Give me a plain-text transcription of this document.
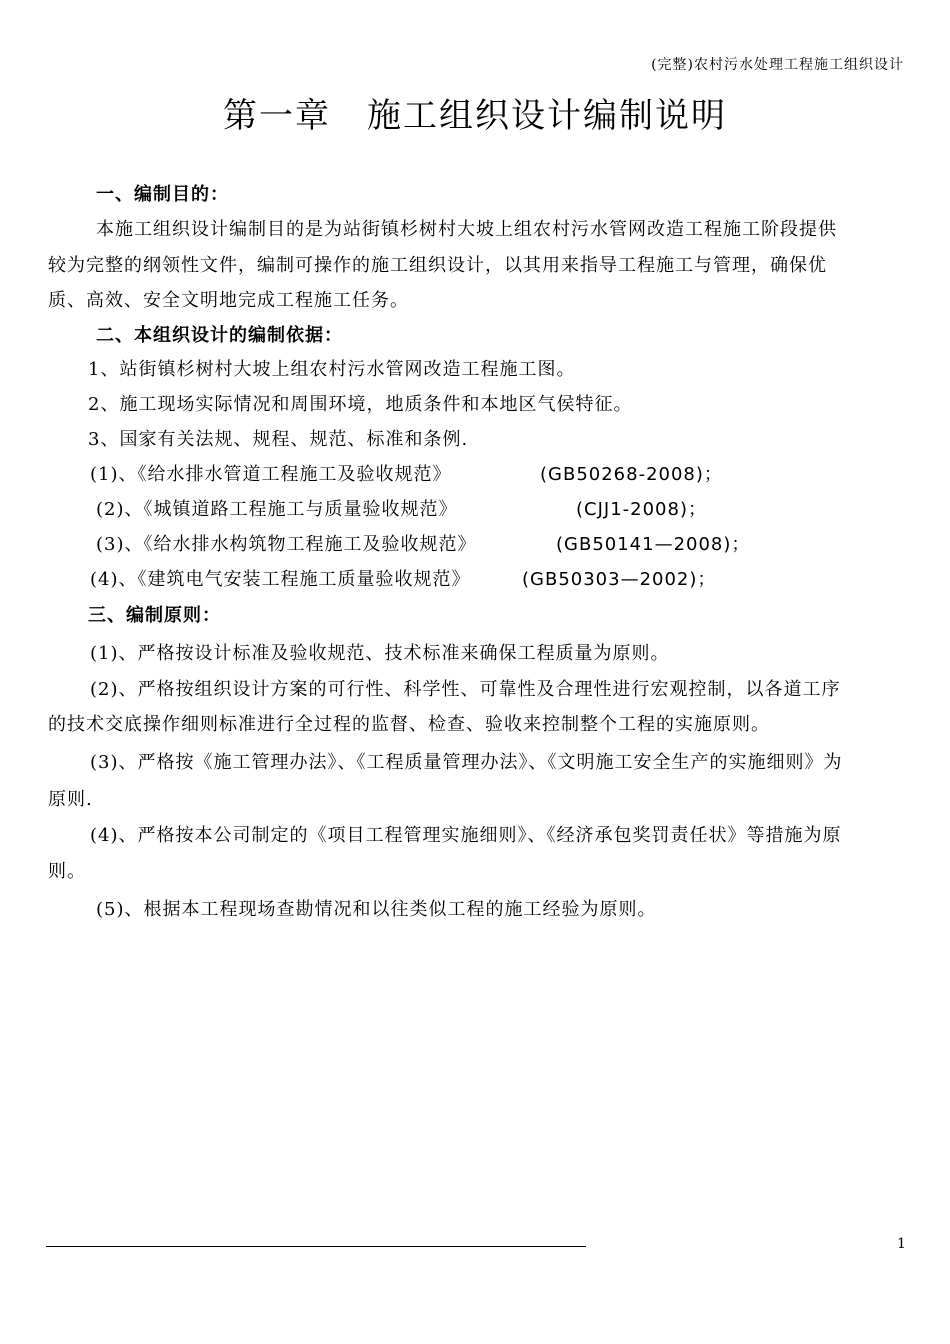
(完整)农村污水处理工程施工组织设计
第一章　施工组织设计编制说明
一、编制目的：
本施工组织设计编制目的是为站街镇杉树村大坡上组农村污水管网改造工程施工阶段提供
较为完整的纲领性文件，编制可操作的施工组织设计，以其用来指导工程施工与管理，确保优
质、高效、安全文明地完成工程施工任务。
二、本组织设计的编制依据：
1、站街镇杉树村大坡上组农村污水管网改造工程施工图。
2、施工现场实际情况和周围环境，地质条件和本地区气侯特征。
3、国家有关法规、规程、规范、标准和条例.
(1)、《给水排水管道工程施工及验收规范》	(GB50268-2008)；
(2)、《城镇道路工程施工与质量验收规范》	(CJJ1-2008)；
(3)、《给水排水构筑物工程施工及验收规范》	(GB50141—2008)；
(4)、《建筑电气安装工程施工质量验收规范》	(GB50303—2002)；
三、编制原则：
(1)、严格按设计标准及验收规范、技术标准来确保工程质量为原则。
(2)、严格按组织设计方案的可行性、科学性、可靠性及合理性进行宏观控制，以各道工序
的技术交底操作细则标准进行全过程的监督、检查、验收来控制整个工程的实施原则。
(3)、严格按《施工管理办法》、《工程质量管理办法》、《文明施工安全生产的实施细则》为
原则.
(4)、严格按本公司制定的《项目工程管理实施细则》、《经济承包奖罚责任状》等措施为原
则。
(5)、根据本工程现场查勘情况和以往类似工程的施工经验为原则。
1
